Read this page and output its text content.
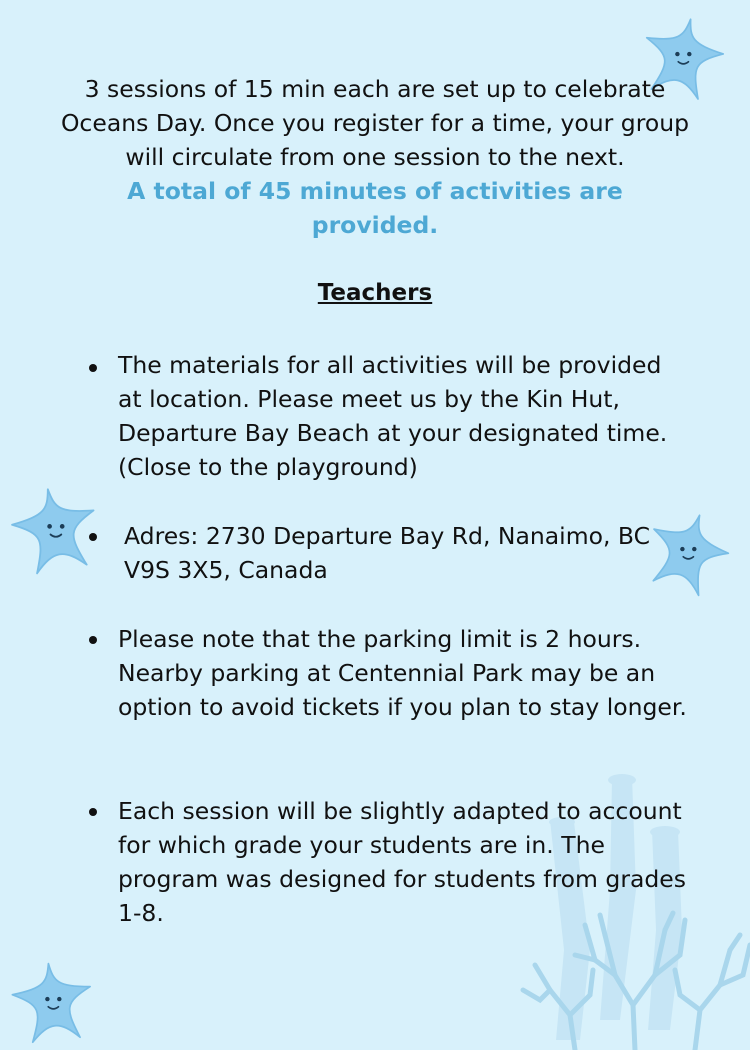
3 sessions of 15 min each are set up to celebrate Oceans Day. Once you register for a time, your group will circulate from one session to the next.

A total of 45 minutes of activities are provided.

Teachers
The materials for all activities will be provided at location. Please meet us by the Kin Hut, Departure Bay Beach at your designated time. (Close to the playground)
Adres: 2730 Departure Bay Rd, Nanaimo, BC V9S 3X5, Canada
Please note that the parking limit is 2 hours. Nearby parking at Centennial Park may be an option to avoid tickets if you plan to stay longer.
Each session will be slightly adapted to account for which grade your students are in. The program was designed for students from grades 1-8.
